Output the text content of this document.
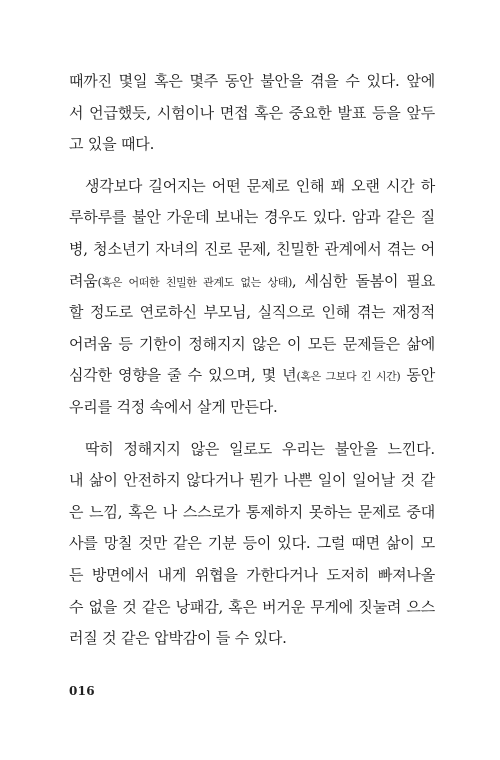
때까진 몇일 혹은 몇주 동안 불안을 겪을 수 있다. 앞에
서 언급했듯, 시험이나 면접 혹은 중요한 발표 등을 앞두
고 있을 때다.
생각보다 길어지는 어떤 문제로 인해 꽤 오랜 시간 하
루하루를 불안 가운데 보내는 경우도 있다. 암과 같은 질
병, 청소년기 자녀의 진로 문제, 친밀한 관계에서 겪는 어
려움(혹은 어떠한 친밀한 관계도 없는 상태), 세심한 돌봄이 필요
할 정도로 연로하신 부모님, 실직으로 인해 겪는 재정적
어려움 등 기한이 정해지지 않은 이 모든 문제들은 삶에
심각한 영향을 줄 수 있으며, 몇 년(혹은 그보다 긴 시간) 동안
우리를 걱정 속에서 살게 만든다.
딱히 정해지지 않은 일로도 우리는 불안을 느낀다.
내 삶이 안전하지 않다거나 뭔가 나쁜 일이 일어날 것 같
은 느낌, 혹은 나 스스로가 통제하지 못하는 문제로 중대
사를 망칠 것만 같은 기분 등이 있다. 그럴 때면 삶이 모
든 방면에서 내게 위협을 가한다거나 도저히 빠져나올
수 없을 것 같은 낭패감, 혹은 버거운 무게에 짓눌려 으스
러질 것 같은 압박감이 들 수 있다.
016
